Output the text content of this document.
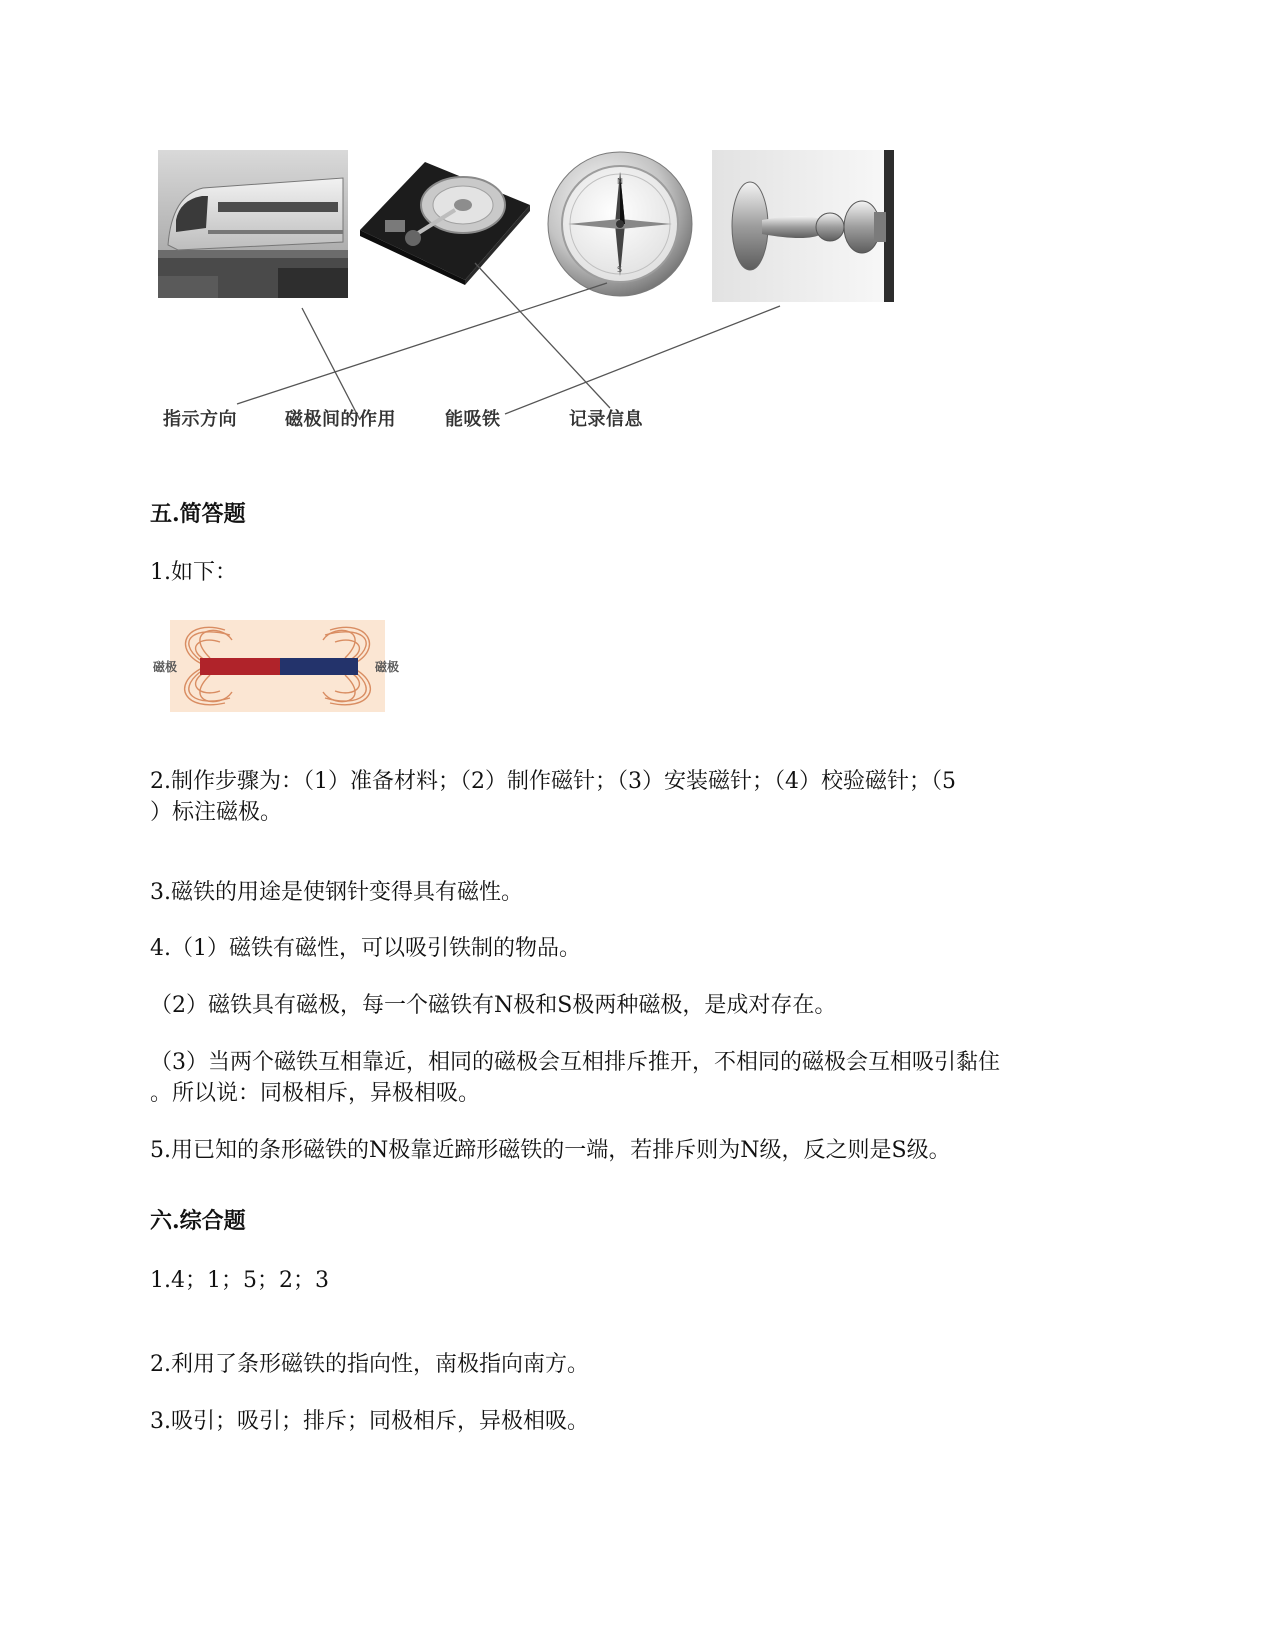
N
S
指示方向	磁极间的作用	能吸铁	记录信息
五.简答题
1.如下：
磁极	磁极
2.制作步骤为：（1）准备材料；（2）制作磁针；（3）安装磁针；（4）校验磁针；（5
）标注磁极。
3.磁铁的用途是使钢针变得具有磁性。
4.（1）磁铁有磁性，可以吸引铁制的物品。
（2）磁铁具有磁极，每一个磁铁有N极和S极两种磁极，是成对存在。
（3）当两个磁铁互相靠近，相同的磁极会互相排斥推开，不相同的磁极会互相吸引黏住
。所以说：同极相斥，异极相吸。
5.用已知的条形磁铁的N极靠近蹄形磁铁的一端，若排斥则为N级，反之则是S级。
六.综合题
1.4；1；5；2；3
2.利用了条形磁铁的指向性，南极指向南方。
3.吸引；吸引；排斥；同极相斥，异极相吸。
